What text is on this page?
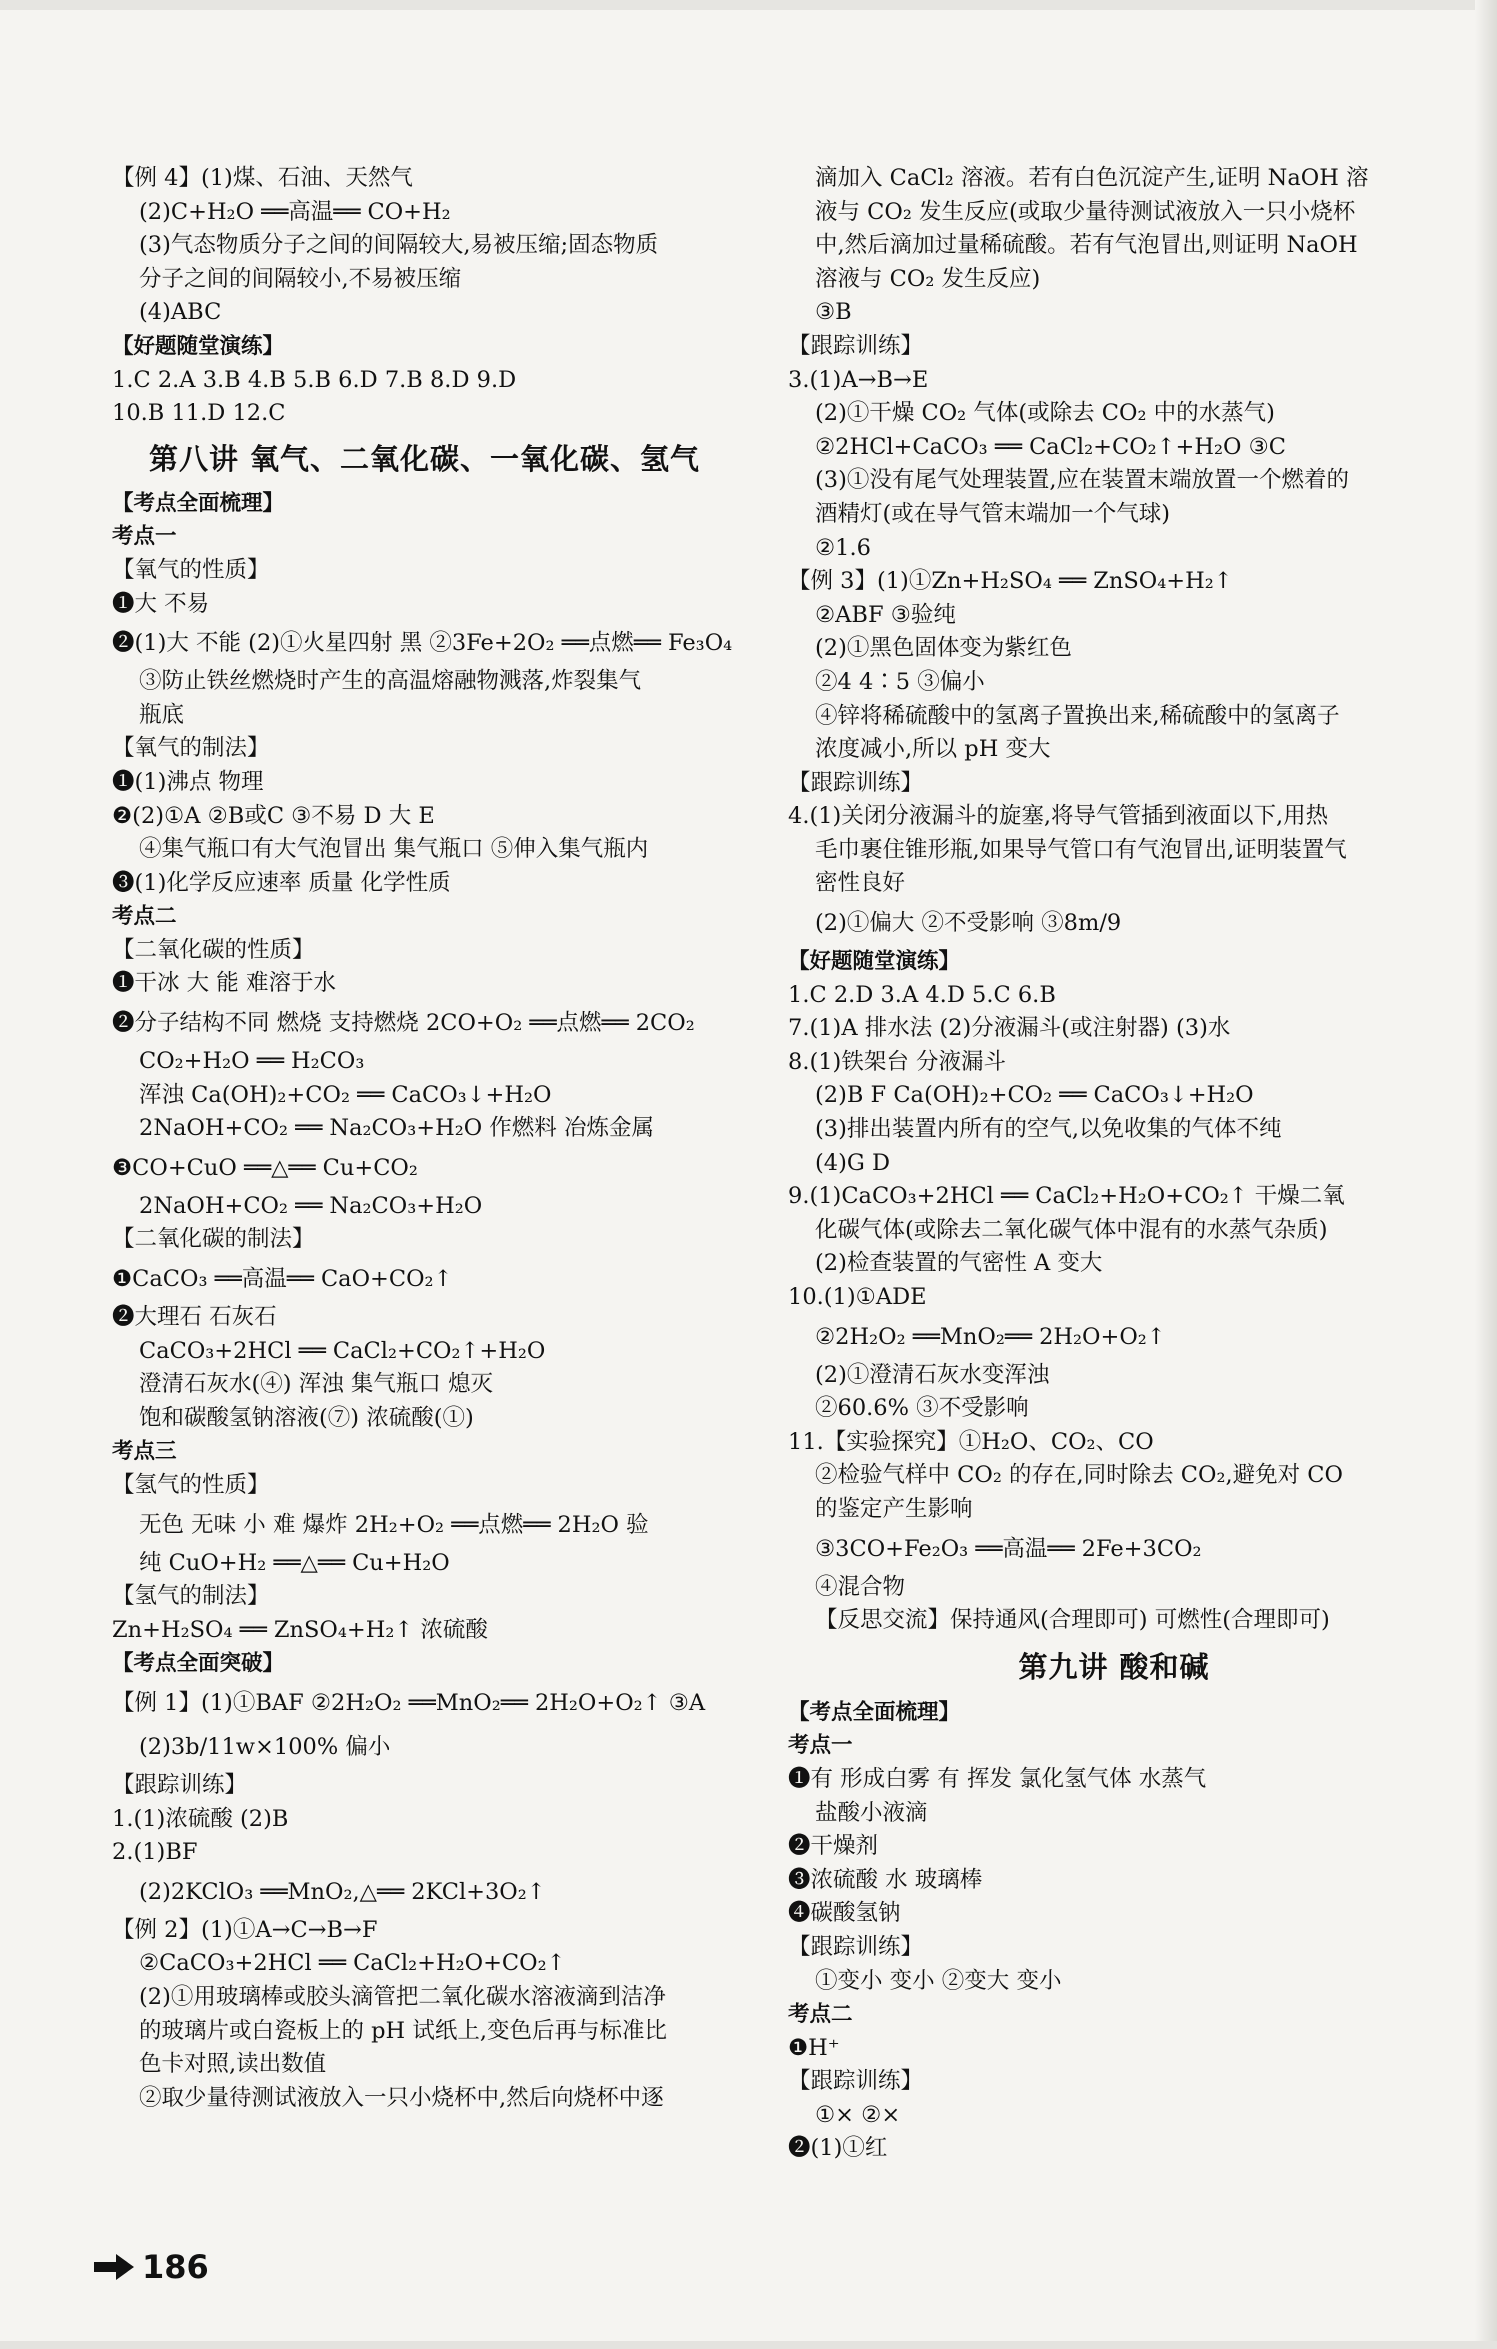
【例 4】(1)煤、石油、天然气
(2)C+H₂O ══高温══ CO+H₂
(3)气态物质分子之间的间隔较大,易被压缩;固态物质
分子之间的间隔较小,不易被压缩
(4)ABC
【好题随堂演练】
1.C 2.A 3.B 4.B 5.B 6.D 7.B 8.D 9.D
10.B 11.D 12.C
第八讲 氧气、二氧化碳、一氧化碳、氢气
【考点全面梳理】
考点一
【氧气的性质】
❶大 不易
❷(1)大 不能 (2)①火星四射 黑 ②3Fe+2O₂ ══点燃══ Fe₃O₄
③防止铁丝燃烧时产生的高温熔融物溅落,炸裂集气
瓶底
【氧气的制法】
❶(1)沸点 物理
❷(2)①A ②B或C ③不易 D 大 E
④集气瓶口有大气泡冒出 集气瓶口 ⑤伸入集气瓶内
❸(1)化学反应速率 质量 化学性质
考点二
【二氧化碳的性质】
❶干冰 大 能 难溶于水
❷分子结构不同 燃烧 支持燃烧 2CO+O₂ ══点燃══ 2CO₂
CO₂+H₂O ══ H₂CO₃
浑浊 Ca(OH)₂+CO₂ ══ CaCO₃↓+H₂O
2NaOH+CO₂ ══ Na₂CO₃+H₂O 作燃料 冶炼金属
❸CO+CuO ══△══ Cu+CO₂
2NaOH+CO₂ ══ Na₂CO₃+H₂O
【二氧化碳的制法】
❶CaCO₃ ══高温══ CaO+CO₂↑
❷大理石 石灰石
CaCO₃+2HCl ══ CaCl₂+CO₂↑+H₂O
澄清石灰水(④) 浑浊 集气瓶口 熄灭
饱和碳酸氢钠溶液(⑦) 浓硫酸(①)
考点三
【氢气的性质】
无色 无味 小 难 爆炸 2H₂+O₂ ══点燃══ 2H₂O 验
纯 CuO+H₂ ══△══ Cu+H₂O
【氢气的制法】
Zn+H₂SO₄ ══ ZnSO₄+H₂↑ 浓硫酸
【考点全面突破】
【例 1】(1)①BAF ②2H₂O₂ ══MnO₂══ 2H₂O+O₂↑ ③A
(2)3b/11w×100% 偏小
【跟踪训练】
1.(1)浓硫酸 (2)B
2.(1)BF
(2)2KClO₃ ══MnO₂,△══ 2KCl+3O₂↑
【例 2】(1)①A→C→B→F
②CaCO₃+2HCl ══ CaCl₂+H₂O+CO₂↑
(2)①用玻璃棒或胶头滴管把二氧化碳水溶液滴到洁净
的玻璃片或白瓷板上的 pH 试纸上,变色后再与标准比
色卡对照,读出数值
②取少量待测试液放入一只小烧杯中,然后向烧杯中逐
滴加入 CaCl₂ 溶液。若有白色沉淀产生,证明 NaOH 溶
液与 CO₂ 发生反应(或取少量待测试液放入一只小烧杯
中,然后滴加过量稀硫酸。若有气泡冒出,则证明 NaOH
溶液与 CO₂ 发生反应)
③B
【跟踪训练】
3.(1)A→B→E
(2)①干燥 CO₂ 气体(或除去 CO₂ 中的水蒸气)
②2HCl+CaCO₃ ══ CaCl₂+CO₂↑+H₂O ③C
(3)①没有尾气处理装置,应在装置末端放置一个燃着的
酒精灯(或在导气管末端加一个气球)
②1.6
【例 3】(1)①Zn+H₂SO₄ ══ ZnSO₄+H₂↑
②ABF ③验纯
(2)①黑色固体变为紫红色
②4 4∶5 ③偏小
④锌将稀硫酸中的氢离子置换出来,稀硫酸中的氢离子
浓度减小,所以 pH 变大
【跟踪训练】
4.(1)关闭分液漏斗的旋塞,将导气管插到液面以下,用热
毛巾裹住锥形瓶,如果导气管口有气泡冒出,证明装置气
密性良好
(2)①偏大 ②不受影响 ③8m/9
【好题随堂演练】
1.C 2.D 3.A 4.D 5.C 6.B
7.(1)A 排水法 (2)分液漏斗(或注射器) (3)水
8.(1)铁架台 分液漏斗
(2)B F Ca(OH)₂+CO₂ ══ CaCO₃↓+H₂O
(3)排出装置内所有的空气,以免收集的气体不纯
(4)G D
9.(1)CaCO₃+2HCl ══ CaCl₂+H₂O+CO₂↑ 干燥二氧
化碳气体(或除去二氧化碳气体中混有的水蒸气杂质)
(2)检查装置的气密性 A 变大
10.(1)①ADE
②2H₂O₂ ══MnO₂══ 2H₂O+O₂↑
(2)①澄清石灰水变浑浊
②60.6% ③不受影响
11.【实验探究】①H₂O、CO₂、CO
②检验气样中 CO₂ 的存在,同时除去 CO₂,避免对 CO
的鉴定产生影响
③3CO+Fe₂O₃ ══高温══ 2Fe+3CO₂
④混合物
【反思交流】保持通风(合理即可) 可燃性(合理即可)
第九讲 酸和碱
【考点全面梳理】
考点一
❶有 形成白雾 有 挥发 氯化氢气体 水蒸气
盐酸小液滴
❷干燥剂
❸浓硫酸 水 玻璃棒
❹碳酸氢钠
【跟踪训练】
①变小 变小 ②变大 变小
考点二
❶H⁺
【跟踪训练】
①× ②×
❷(1)①红
186
